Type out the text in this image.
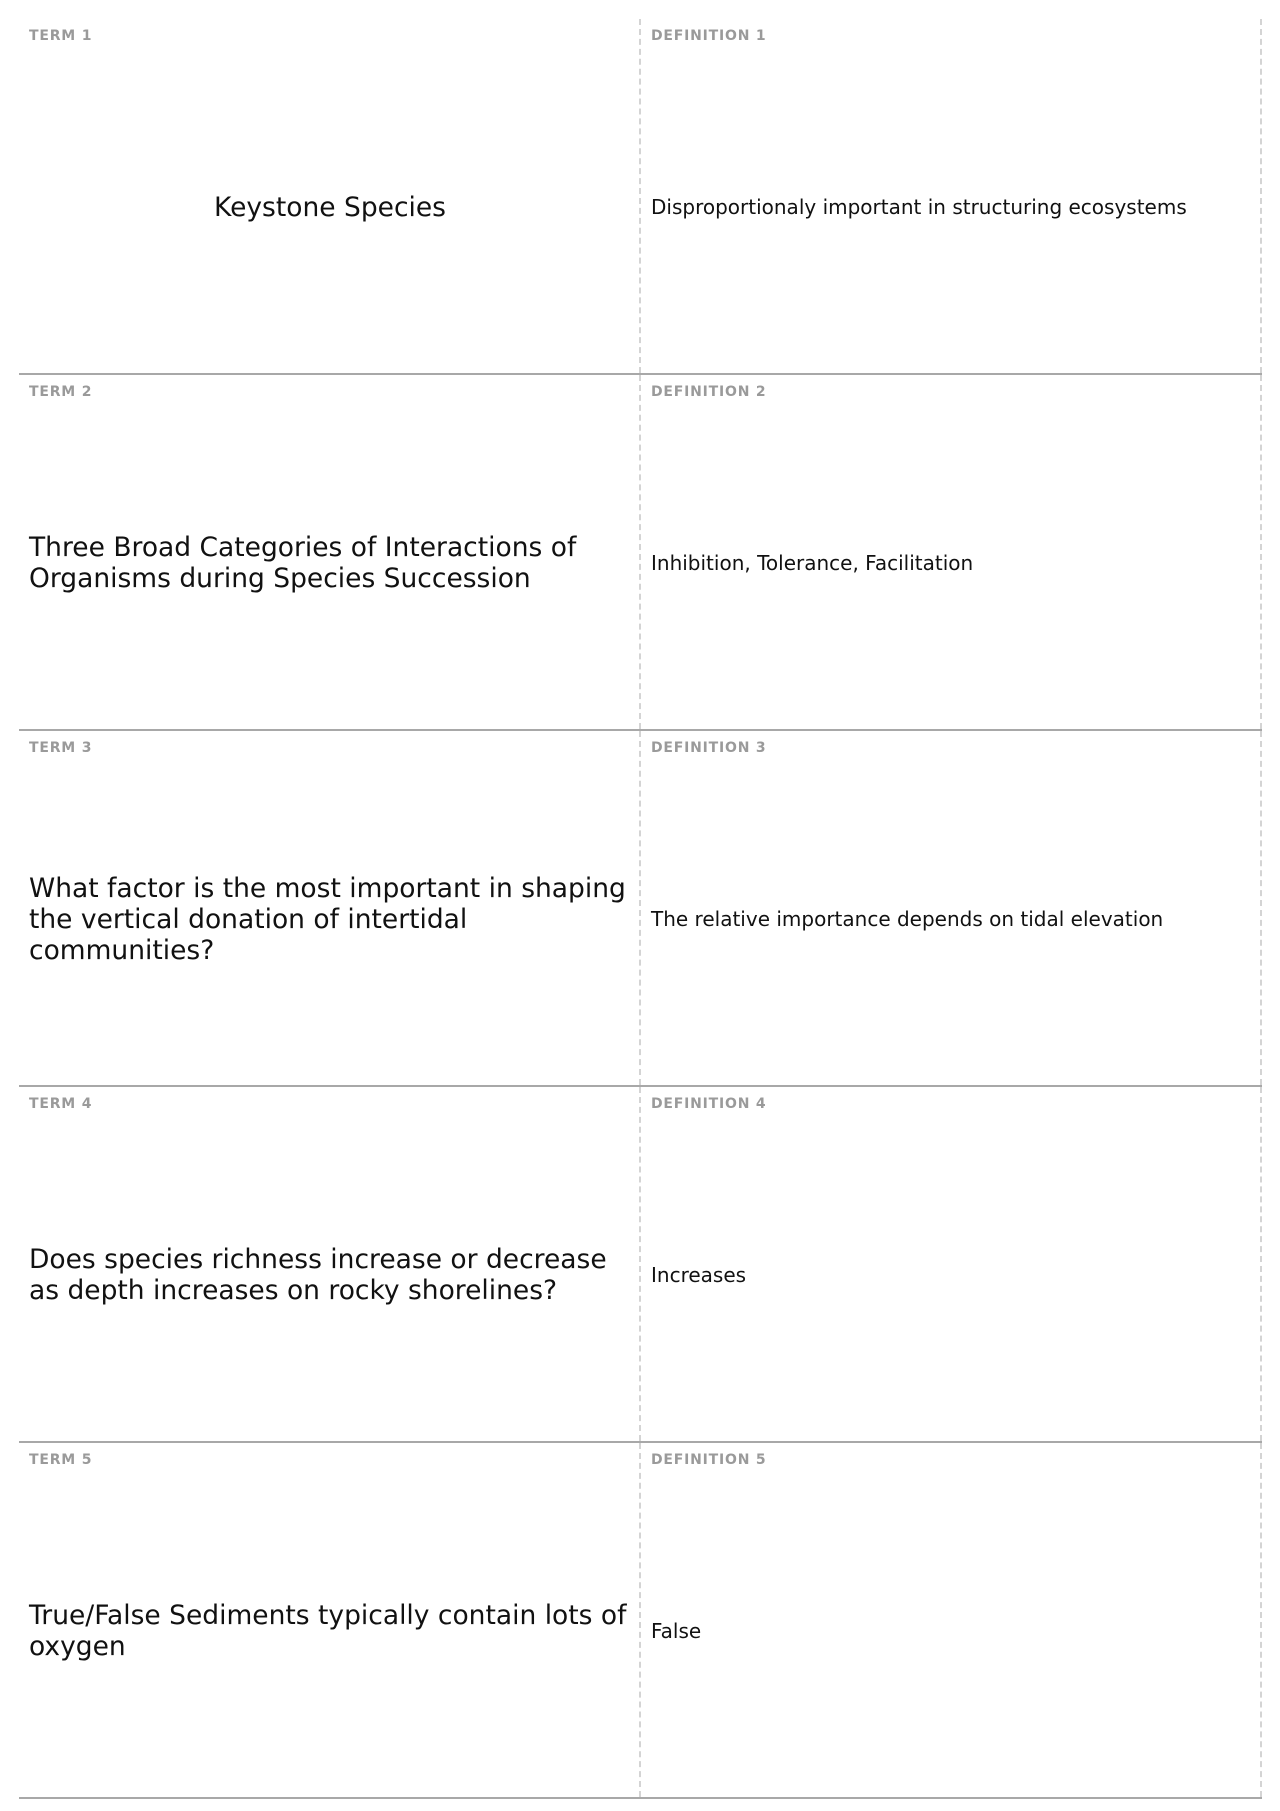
TERM 1
Keystone Species
DEFINITION 1
Disproportionaly important in structuring ecosystems
TERM 2
Three Broad Categories of Interactions of Organisms during Species Succession
DEFINITION 2
Inhibition, Tolerance, Facilitation
TERM 3
What factor is the most important in shaping the vertical donation of intertidal communities?
DEFINITION 3
The relative importance depends on tidal elevation
TERM 4
Does species richness increase or decrease as depth increases on rocky shorelines?
DEFINITION 4
Increases
TERM 5
True/False Sediments typically contain lots of oxygen
DEFINITION 5
False
